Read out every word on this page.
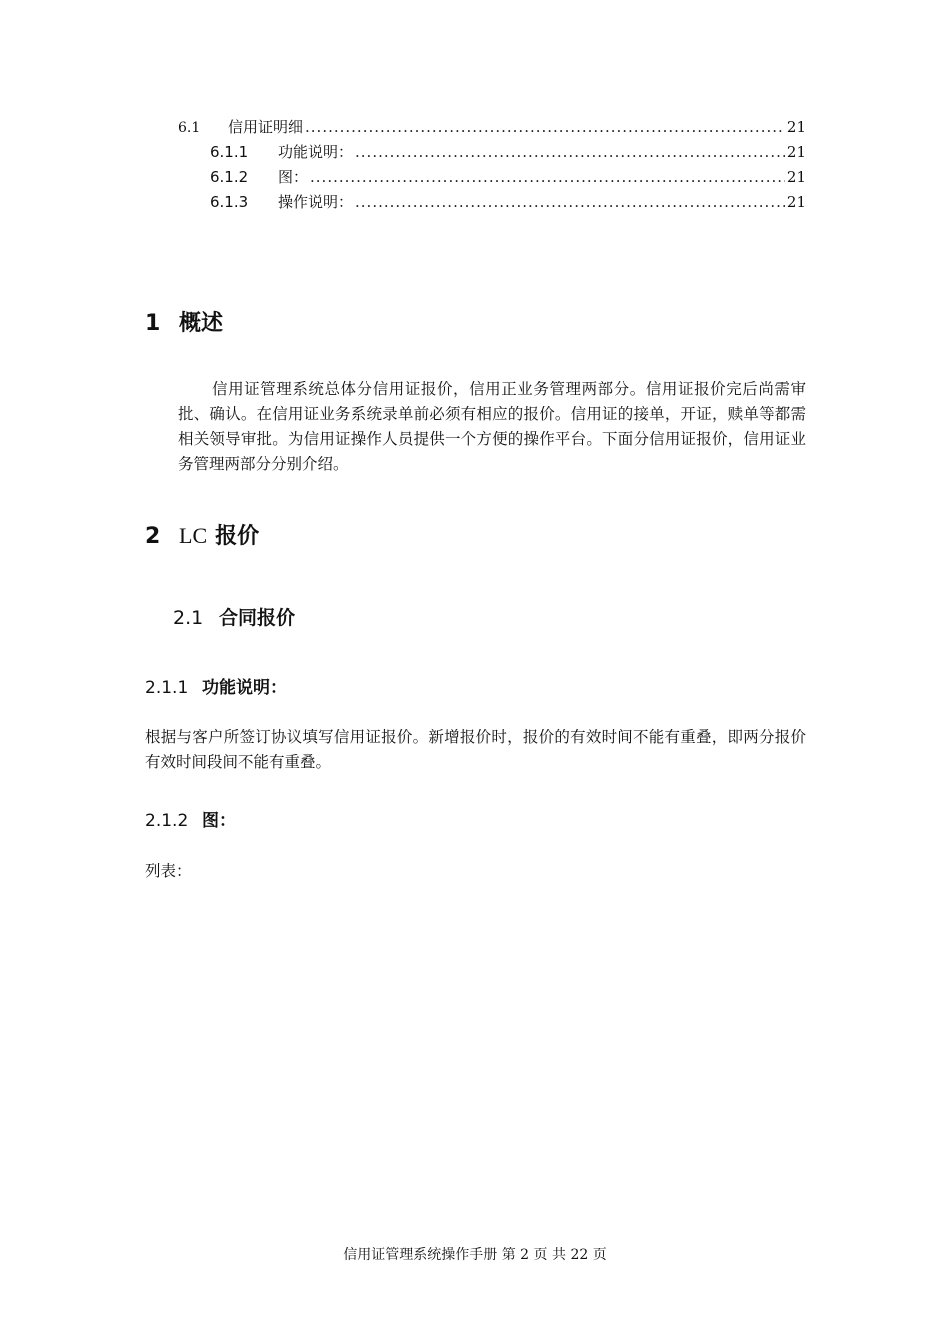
6.1	信用证明细 .....	21
6.1.1	功能说明： .....	21
6.1.2	图： .....	21
6.1.3	操作说明： .....	21
1 概述
信用证管理系统总体分信用证报价，信用正业务管理两部分。信用证报价完后尚需审批、确认。在信用证业务系统录单前必须有相应的报价。信用证的接单，开证，赎单等都需相关领导审批。为信用证操作人员提供一个方便的操作平台。下面分信用证报价，信用证业务管理两部分分别介绍。
2 LC 报价
2.1 合同报价
2.1.1 功能说明：
根据与客户所签订协议填写信用证报价。新增报价时，报价的有效时间不能有重叠，即两分报价有效时间段间不能有重叠。
2.1.2 图：
列表：
信用证管理系统操作手册 第 2 页 共 22 页
